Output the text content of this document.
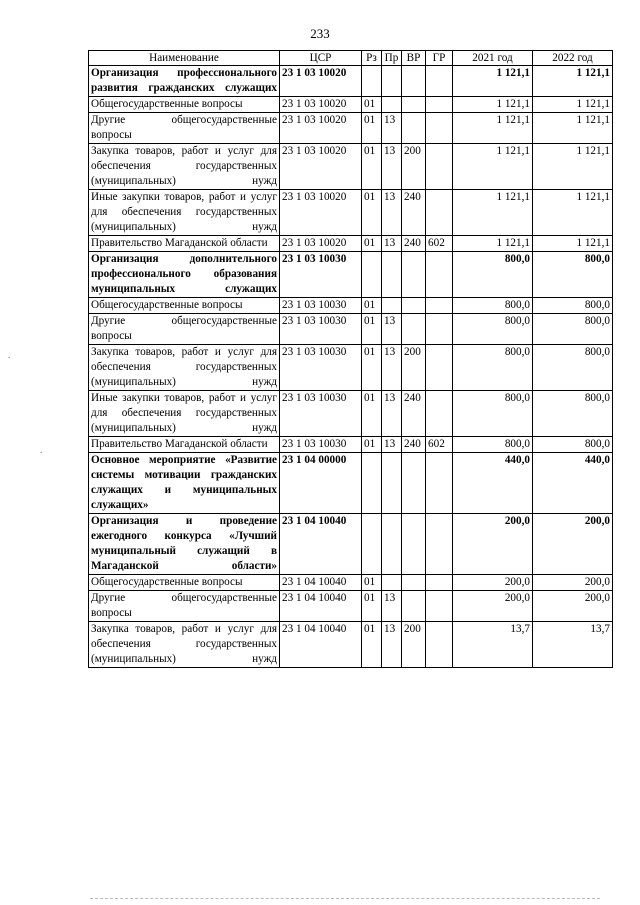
233
Наименование	ЦСР	Рз	Пр	ВР	ГР	2021 год	2022 год
Организация профессионального развития гражданских служащих	23 1 03 10020					1 121,1	1 121,1
Общегосударственные вопросы	23 1 03 10020	01				1 121,1	1 121,1
Другие общегосударственные вопросы	23 1 03 10020	01	13			1 121,1	1 121,1
Закупка товаров, работ и услуг для обеспечения государственных (муниципальных) нужд	23 1 03 10020	01	13	200		1 121,1	1 121,1
Иные закупки товаров, работ и услуг для обеспечения государственных (муниципальных) нужд	23 1 03 10020	01	13	240		1 121,1	1 121,1
Правительство Магаданской области	23 1 03 10020	01	13	240	602	1 121,1	1 121,1
Организация дополнительного профессионального образования муниципальных служащих	23 1 03 10030					800,0	800,0
Общегосударственные вопросы	23 1 03 10030	01				800,0	800,0
Другие общегосударственные вопросы	23 1 03 10030	01	13			800,0	800,0
Закупка товаров, работ и услуг для обеспечения государственных (муниципальных) нужд	23 1 03 10030	01	13	200		800,0	800,0
Иные закупки товаров, работ и услуг для обеспечения государственных (муниципальных) нужд	23 1 03 10030	01	13	240		800,0	800,0
Правительство Магаданской области	23 1 03 10030	01	13	240	602	800,0	800,0
Основное мероприятие «Развитие системы мотивации гражданских служащих и муниципальных служащих»	23 1 04 00000					440,0	440,0
Организация и проведение ежегодного конкурса «Лучший муниципальный служащий в Магаданской области»	23 1 04 10040					200,0	200,0
Общегосударственные вопросы	23 1 04 10040	01				200,0	200,0
Другие общегосударственные вопросы	23 1 04 10040	01	13			200,0	200,0
Закупка товаров, работ и услуг для обеспечения государственных (муниципальных) нужд	23 1 04 10040	01	13	200		13,7	13,7
.
.
